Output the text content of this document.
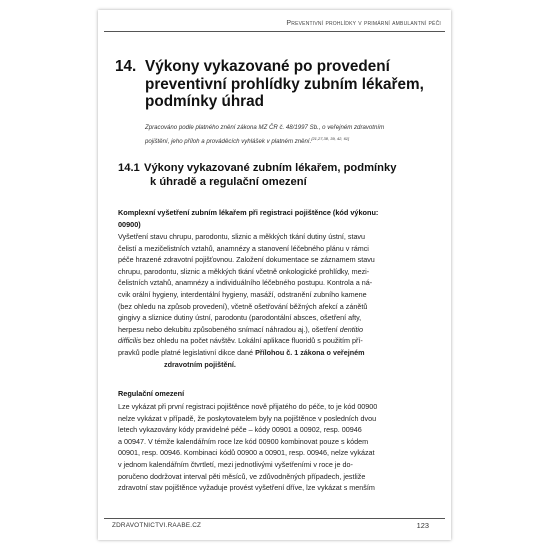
Preventivní prohlídky v primární ambulantní péči
14. Výkony vykazované po provedení
preventivní prohlídky zubním lékařem,
podmínky úhrad
Zpracováno podle platného znění zákona MZ ČR č. 48/1997 Sb., o veřejném zdravotním
pojištění, jeho příloh a prováděcích vyhlášek v platném znění.[21,27,38, 39, 42, 61]
14.1 Výkony vykazované zubním lékařem, podmínky
k úhradě a regulační omezení
Komplexní vyšetření zubním lékařem při registraci pojištěnce (kód výkonu:
00900)
Vyšetření stavu chrupu, parodontu, sliznic a měkkých tkání dutiny ústní, stavu
čelistí a mezičelistních vztahů, anamnézy a stanovení léčebného plánu v rámci
péče hrazené zdravotní pojišťovnou. Založení dokumentace se záznamem stavu
chrupu, parodontu, sliznic a měkkých tkání včetně onkologické prohlídky, mezi-
čelistních vztahů, anamnézy a individuálního léčebného postupu. Kontrola a ná-
cvik orální hygieny, interdentální hygieny, masáží, odstranění zubního kamene
(bez ohledu na způsob provedení), včetně ošetřování běžných afekcí a zánětů
gingivy a sliznice dutiny ústní, parodontu (parodontální absces, ošetření afty,
herpesu nebo dekubitu způsobeného snímací náhradou aj.), ošetření dentitio
difficilis bez ohledu na počet návštěv. Lokální aplikace fluoridů s použitím pří-
pravků podle platné legislativní dikce dané Přílohou č. 1 zákona o veřejném
zdravotním pojištění.
Regulační omezení
Lze vykázat při první registraci pojištěnce nově přijatého do péče, to je kód 00900
nelze vykázat v případě, že poskytovatelem byly na pojištěnce v posledních dvou
letech vykazovány kódy pravidelné péče – kódy 00901 a 00902, resp. 00946
a 00947. V témže kalendářním roce lze kód 00900 kombinovat pouze s kódem
00901, resp. 00946. Kombinaci kódů 00900 a 00901, resp. 00946, nelze vykázat
v jednom kalendářním čtvrtletí, mezi jednotlivými vyšetřeními v roce je do-
poručeno dodržovat interval pěti měsíců, ve zdůvodněných případech, jestliže
zdravotní stav pojištěnce vyžaduje provést vyšetření dříve, lze vykázat s menším
ZDRAVOTNICTVI.RAABE.CZ	123
